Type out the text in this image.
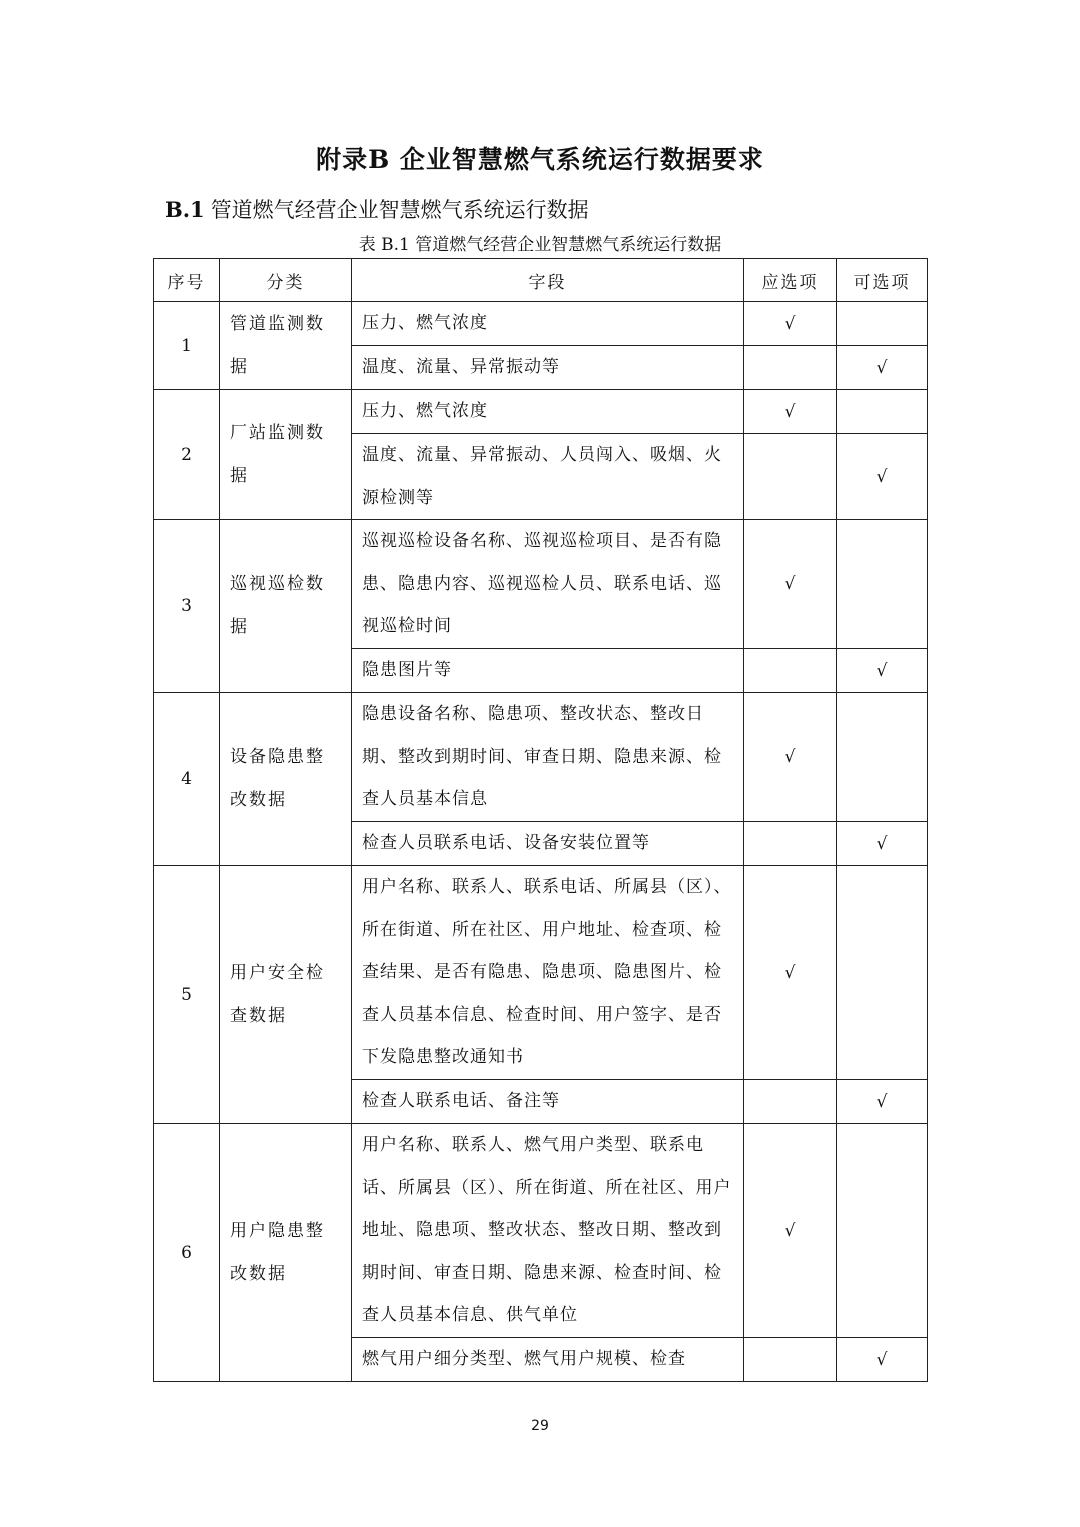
附录B 企业智慧燃气系统运行数据要求
B.1 管道燃气经营企业智慧燃气系统运行数据
表 B.1 管道燃气经营企业智慧燃气系统运行数据
序号	分类	字段	应选项	可选项
1	管道监测数据	压力、燃气浓度	√	
		温度、流量、异常振动等		√
2	厂站监测数据	压力、燃气浓度	√	
		温度、流量、异常振动、人员闯入、吸烟、火源检测等		√
3	巡视巡检数据	巡视巡检设备名称、巡视巡检项目、是否有隐患、隐患内容、巡视巡检人员、联系电话、巡视巡检时间	√	
		隐患图片等		√
4	设备隐患整改数据	隐患设备名称、隐患项、整改状态、整改日期、整改到期时间、审查日期、隐患来源、检查人员基本信息	√	
		检查人员联系电话、设备安装位置等		√
5	用户安全检查数据	用户名称、联系人、联系电话、所属县（区）、所在街道、所在社区、用户地址、检查项、检查结果、是否有隐患、隐患项、隐患图片、检查人员基本信息、检查时间、用户签字、是否下发隐患整改通知书	√	
		检查人联系电话、备注等		√
6	用户隐患整改数据	用户名称、联系人、燃气用户类型、联系电话、所属县（区）、所在街道、所在社区、用户地址、隐患项、整改状态、整改日期、整改到期时间、审查日期、隐患来源、检查时间、检查人员基本信息、供气单位	√	
		燃气用户细分类型、燃气用户规模、检查		√
29
